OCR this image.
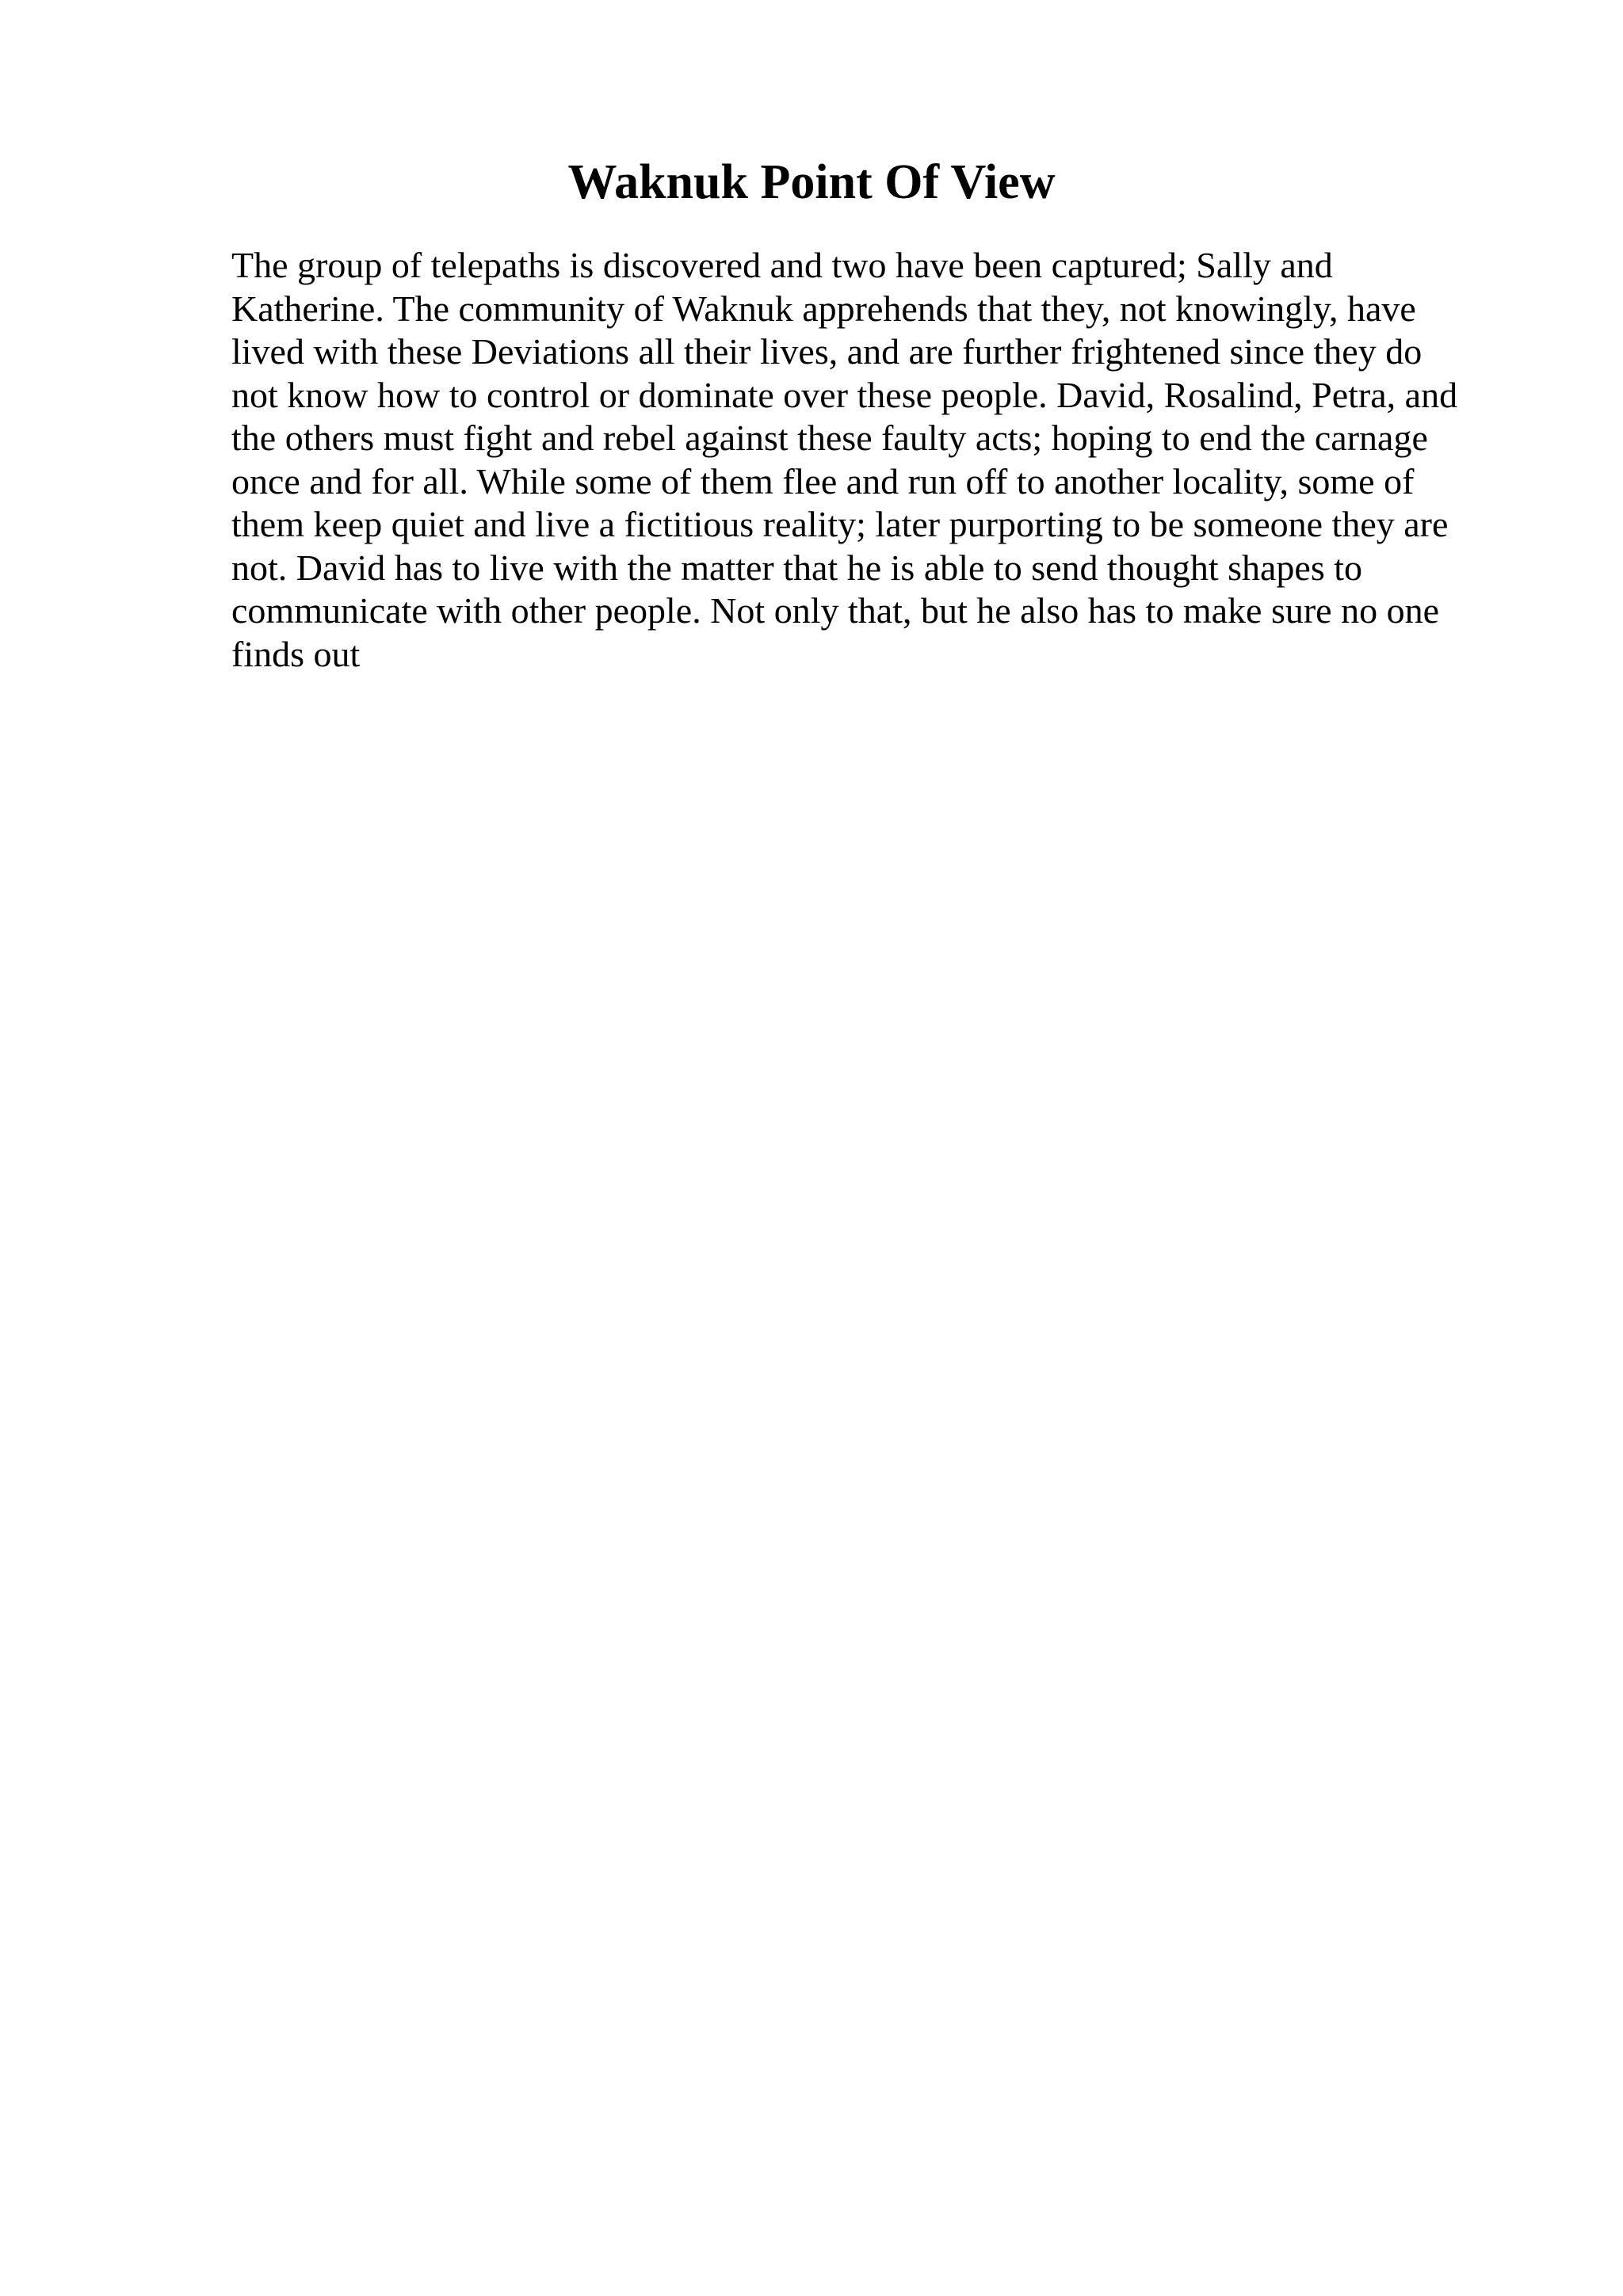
Waknuk Point Of View

The group of telepaths is discovered and two have been captured; Sally and
Katherine. The community of Waknuk apprehends that they, not knowingly, have
lived with these Deviations all their lives, and are further frightened since they do
not know how to control or dominate over these people. David, Rosalind, Petra, and
the others must fight and rebel against these faulty acts; hoping to end the carnage
once and for all. While some of them flee and run off to another locality, some of
them keep quiet and live a fictitious reality; later purporting to be someone they are
not. David has to live with the matter that he is able to send thought shapes to
communicate with other people. Not only that, but he also has to make sure no one
finds out
